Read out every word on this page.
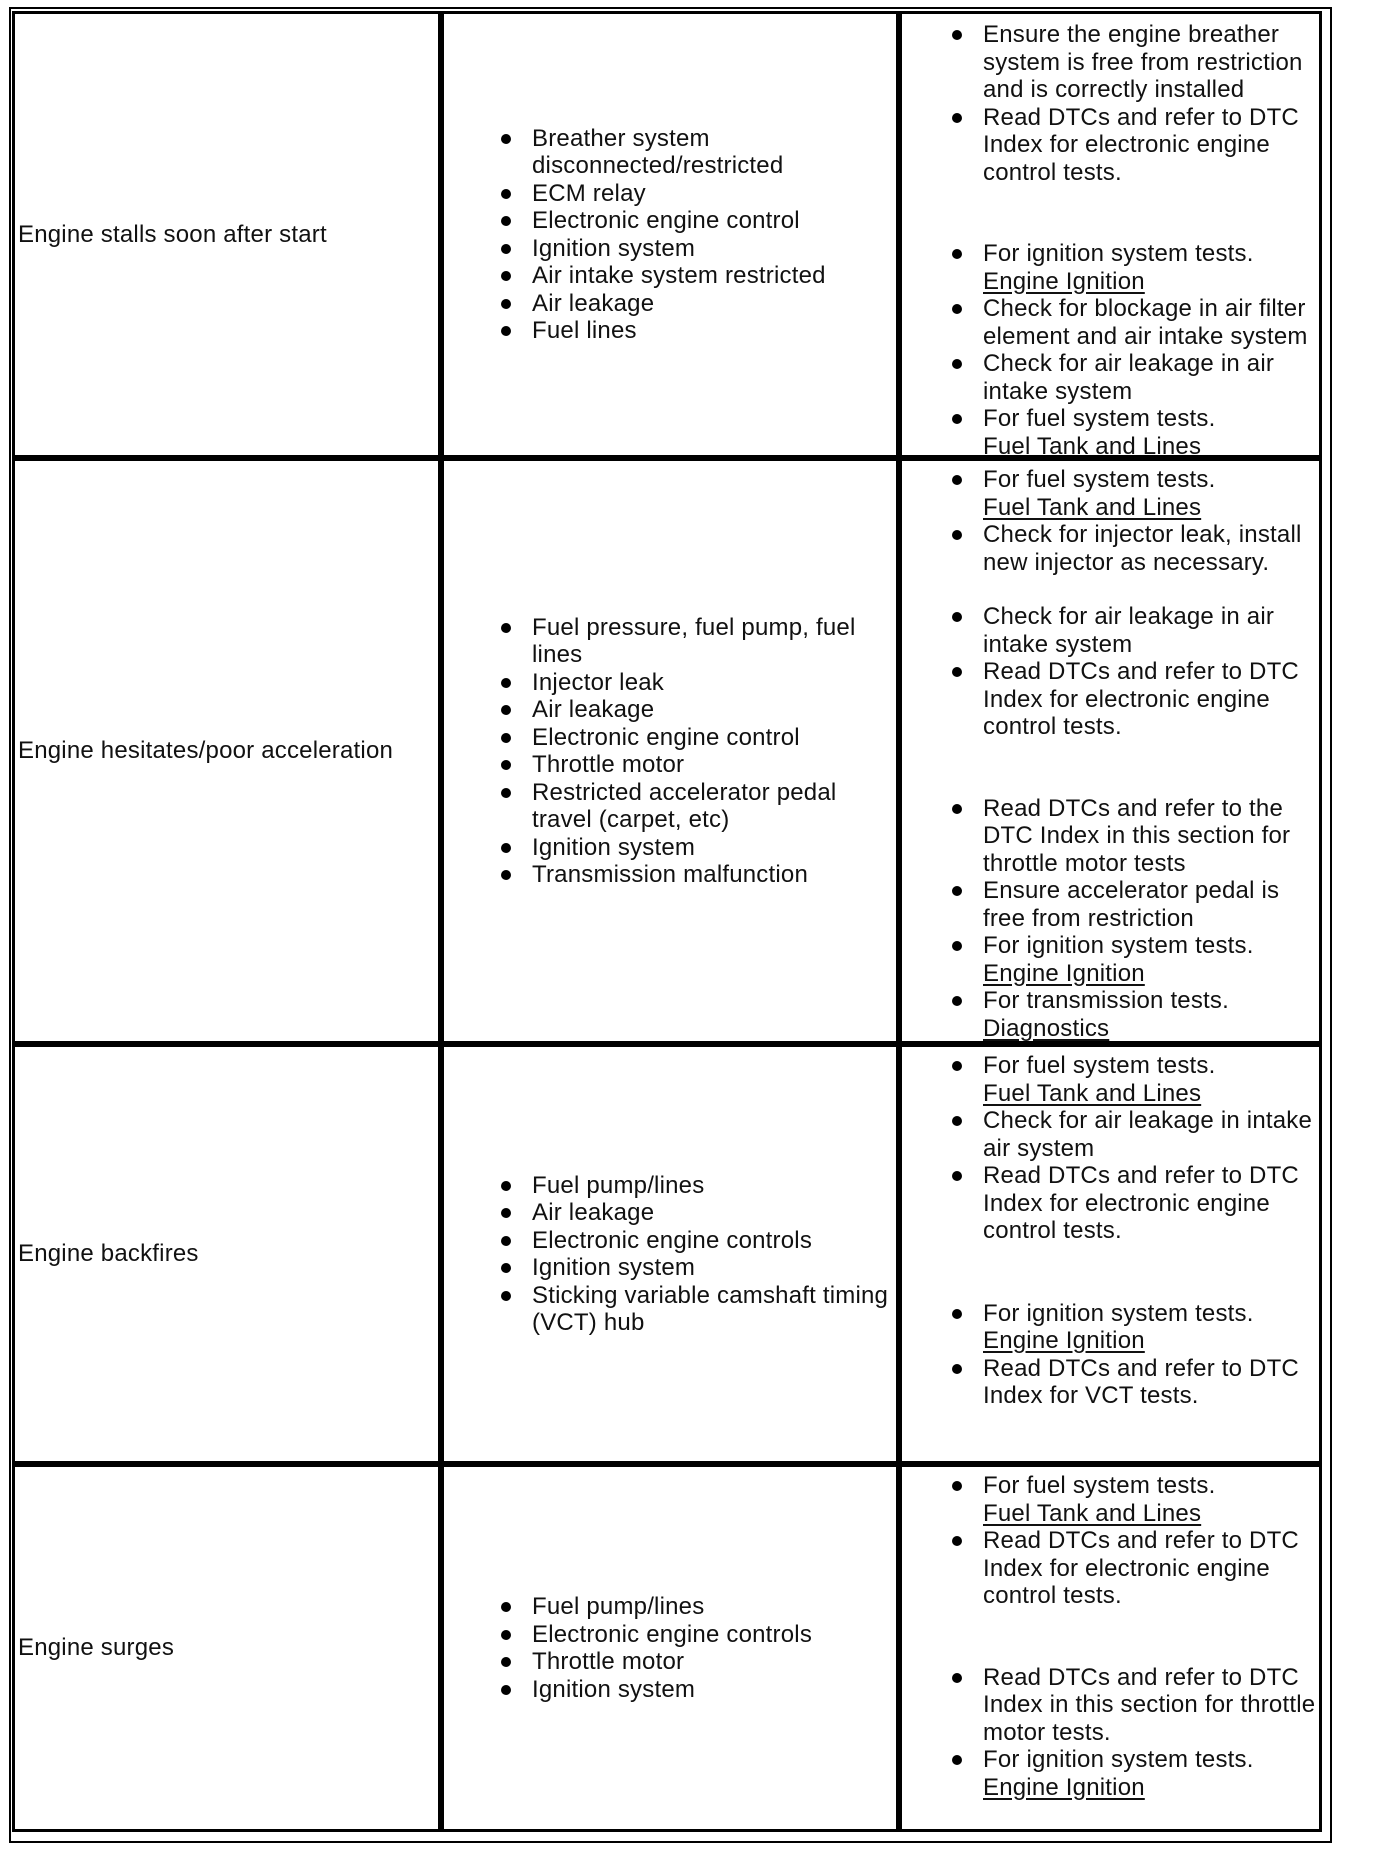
Engine stalls soon after start
Breather system disconnected/restricted
ECM relay
Electronic engine control
Ignition system
Air intake system restricted
Air leakage
Fuel lines
Ensure the engine breather system is free from restriction and is correctly installed
Read DTCs and refer to DTC Index for electronic engine control tests.
For ignition system tests.
Engine Ignition
Check for blockage in air filter element and air intake system
Check for air leakage in air intake system
For fuel system tests.
Fuel Tank and Lines
Engine hesitates/poor acceleration
Fuel pressure, fuel pump, fuel lines
Injector leak
Air leakage
Electronic engine control
Throttle motor
Restricted accelerator pedal travel (carpet, etc)
Ignition system
Transmission malfunction
For fuel system tests.
Fuel Tank and Lines
Check for injector leak, install new injector as necessary.
Check for air leakage in air intake system
Read DTCs and refer to DTC Index for electronic engine control tests.
Read DTCs and refer to the DTC Index in this section for throttle motor tests
Ensure accelerator pedal is free from restriction
For ignition system tests.
Engine Ignition
For transmission tests.
Diagnostics
Engine backfires
Fuel pump/lines
Air leakage
Electronic engine controls
Ignition system
Sticking variable camshaft timing (VCT) hub
For fuel system tests.
Fuel Tank and Lines
Check for air leakage in intake air system
Read DTCs and refer to DTC Index for electronic engine control tests.
For ignition system tests.
Engine Ignition
Read DTCs and refer to DTC Index for VCT tests.
Engine surges
Fuel pump/lines
Electronic engine controls
Throttle motor
Ignition system
For fuel system tests.
Fuel Tank and Lines
Read DTCs and refer to DTC Index for electronic engine control tests.
Read DTCs and refer to DTC Index in this section for throttle motor tests.
For ignition system tests.
Engine Ignition
